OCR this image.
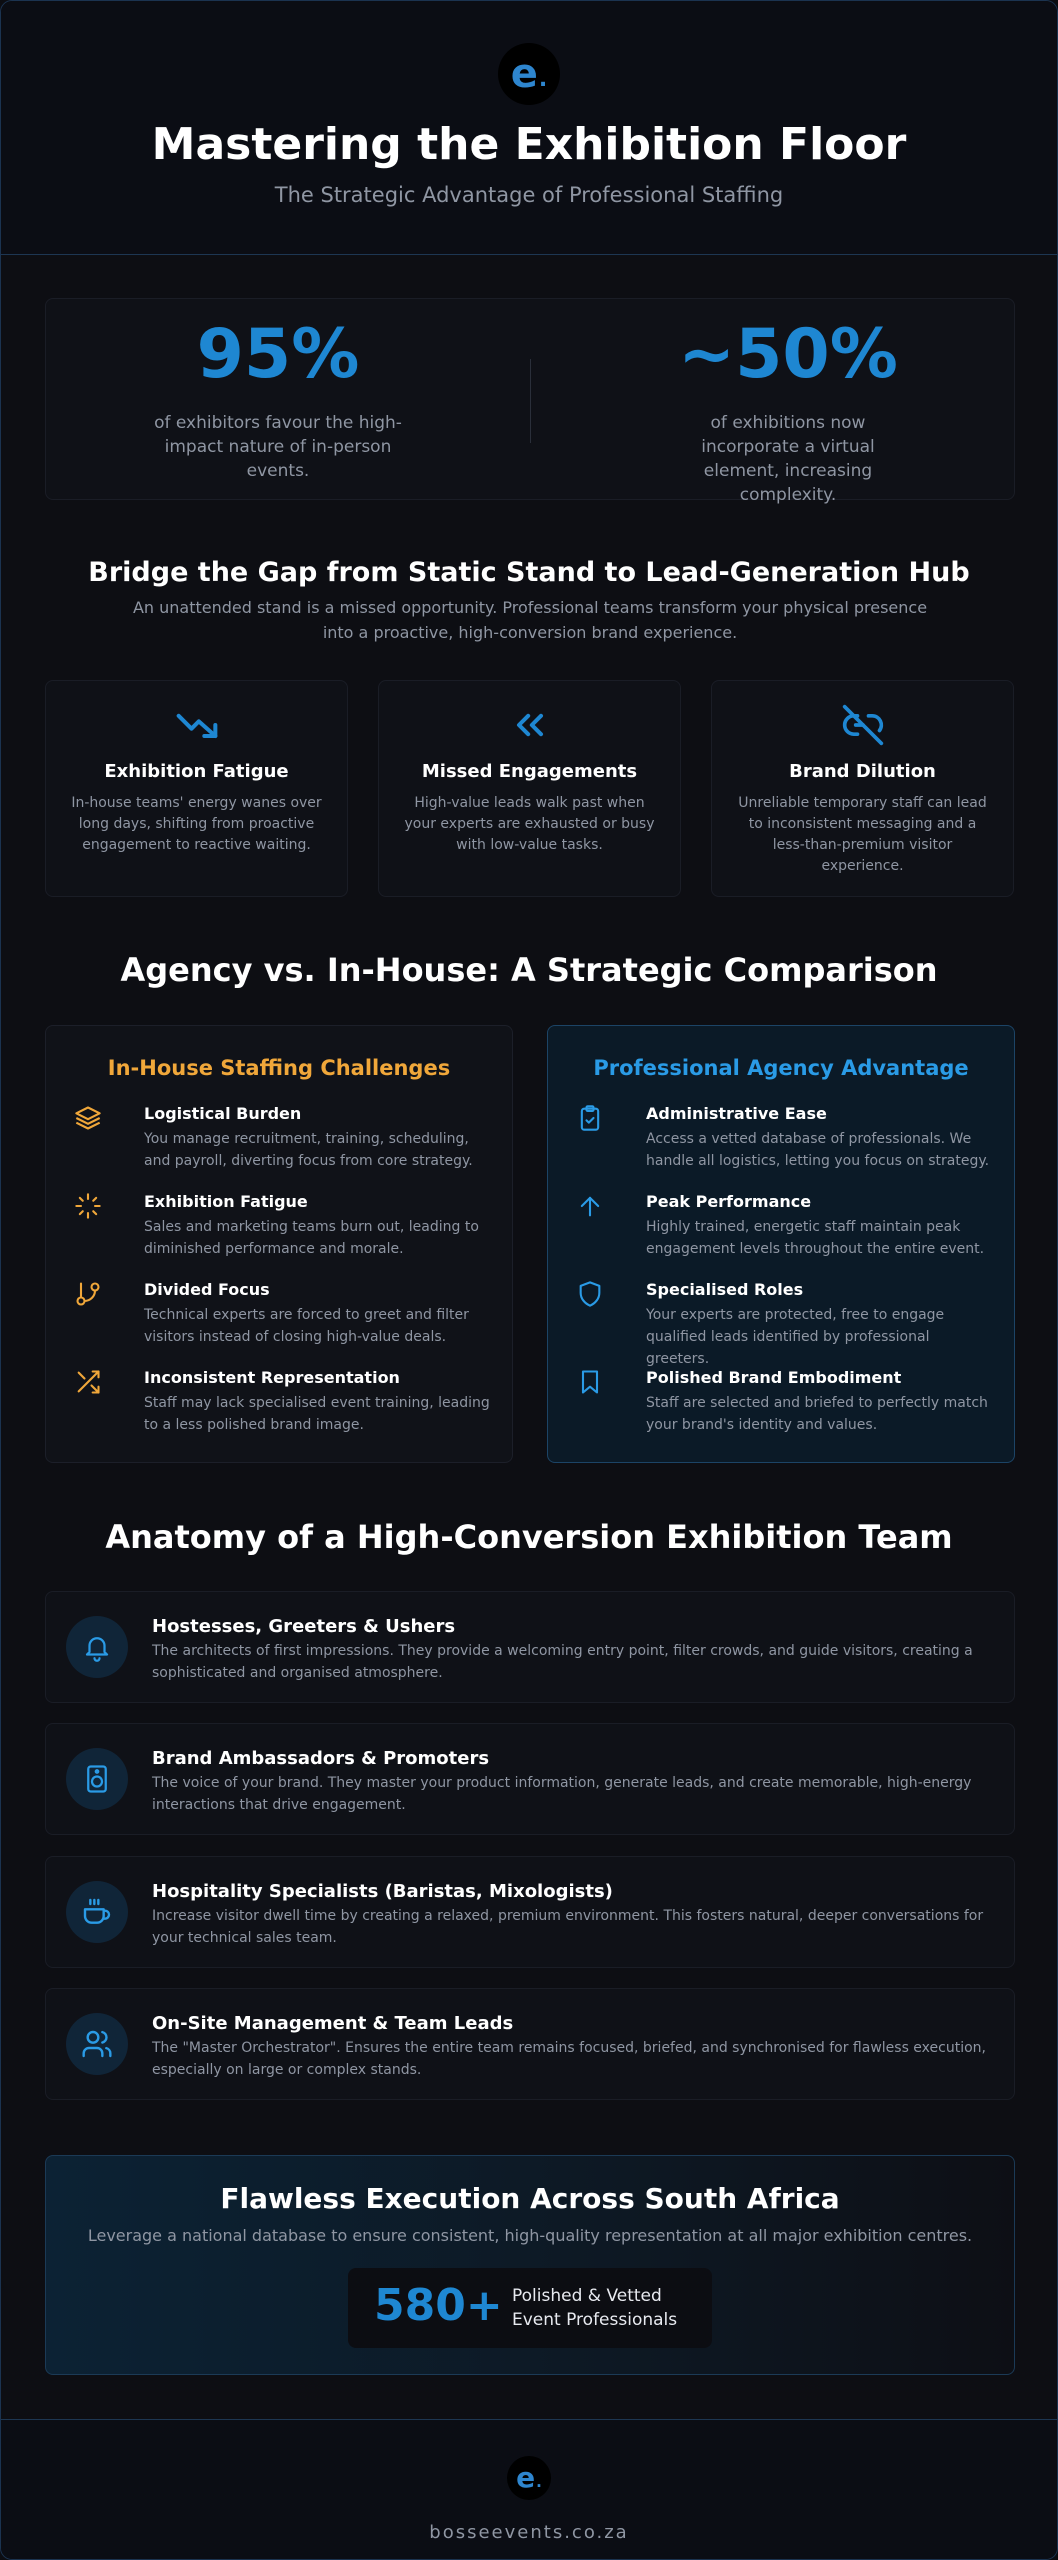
e .
Mastering the Exhibition Floor
The Strategic Advantage of Professional Staffing
95%
of exhibitors favour the high-impact nature of in-person events.
~50%
of exhibitions now incorporate a virtual element, increasing complexity.
Bridge the Gap from Static Stand to Lead-Generation Hub
An unattended stand is a missed opportunity. Professional teams transform your physical presence into a proactive, high-conversion brand experience.
Exhibition Fatigue
In-house teams' energy wanes over long days, shifting from proactive engagement to reactive waiting.
Missed Engagements
High-value leads walk past when your experts are exhausted or busy with low-value tasks.
Brand Dilution
Unreliable temporary staff can lead to inconsistent messaging and a less-than-premium visitor experience.
Agency vs. In-House: A Strategic Comparison
In-House Staffing Challenges
Logistical Burden
You manage recruitment, training, scheduling, and payroll, diverting focus from core strategy.
Exhibition Fatigue
Sales and marketing teams burn out, leading to diminished performance and morale.
Divided Focus
Technical experts are forced to greet and filter visitors instead of closing high-value deals.
Inconsistent Representation
Staff may lack specialised event training, leading to a less polished brand image.
Professional Agency Advantage
Administrative Ease
Access a vetted database of professionals. We handle all logistics, letting you focus on strategy.
Peak Performance
Highly trained, energetic staff maintain peak engagement levels throughout the entire event.
Specialised Roles
Your experts are protected, free to engage qualified leads identified by professional greeters.
Polished Brand Embodiment
Staff are selected and briefed to perfectly match your brand's identity and values.
Anatomy of a High-Conversion Exhibition Team
Hostesses, Greeters & Ushers
The architects of first impressions. They provide a welcoming entry point, filter crowds, and guide visitors, creating a sophisticated and organised atmosphere.
Brand Ambassadors & Promoters
The voice of your brand. They master your product information, generate leads, and create memorable, high-energy interactions that drive engagement.
Hospitality Specialists (Baristas, Mixologists)
Increase visitor dwell time by creating a relaxed, premium environment. This fosters natural, deeper conversations for your technical sales team.
On-Site Management & Team Leads
The "Master Orchestrator". Ensures the entire team remains focused, briefed, and synchronised for flawless execution, especially on large or complex stands.
Flawless Execution Across South Africa
Leverage a national database to ensure consistent, high-quality representation at all major exhibition centres.
580+ Polished & Vetted Event Professionals
e .
bosseevents.co.za
